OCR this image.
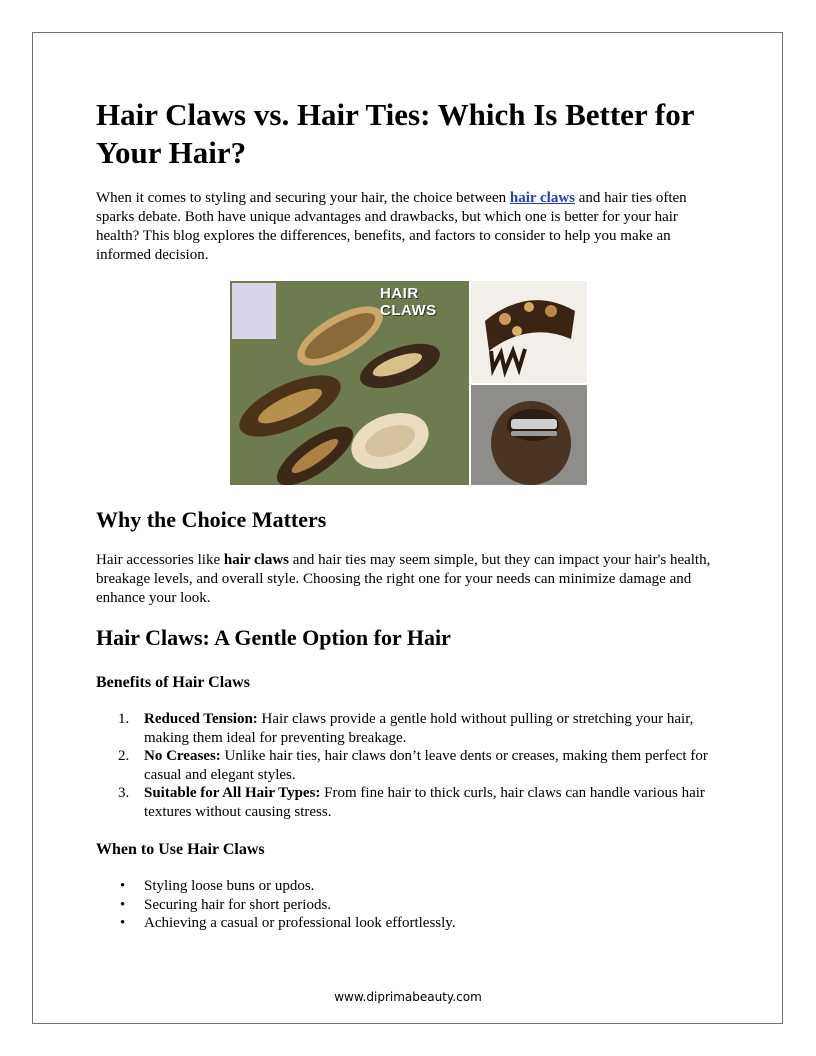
Hair Claws vs. Hair Ties: Which Is Better for Your Hair?

When it comes to styling and securing your hair, the choice between hair claws and hair ties often sparks debate. Both have unique advantages and drawbacks, but which one is better for your hair health? This blog explores the differences, benefits, and factors to consider to help you make an informed decision.

HAIR CLAWS
Why the Choice Matters

Hair accessories like hair claws and hair ties may seem simple, but they can impact your hair's health, breakage levels, and overall style. Choosing the right one for your needs can minimize damage and enhance your look.

Hair Claws: A Gentle Option for Hair
Benefits of Hair Claws
1. Reduced Tension: Hair claws provide a gentle hold without pulling or stretching your hair, making them ideal for preventing breakage.
2. No Creases: Unlike hair ties, hair claws don’t leave dents or creases, making them perfect for casual and elegant styles.
3. Suitable for All Hair Types: From fine hair to thick curls, hair claws can handle various hair textures without causing stress.
When to Use Hair Claws
• Styling loose buns or updos.
• Securing hair for short periods.
• Achieving a casual or professional look effortlessly.
www.diprimabeauty.com
